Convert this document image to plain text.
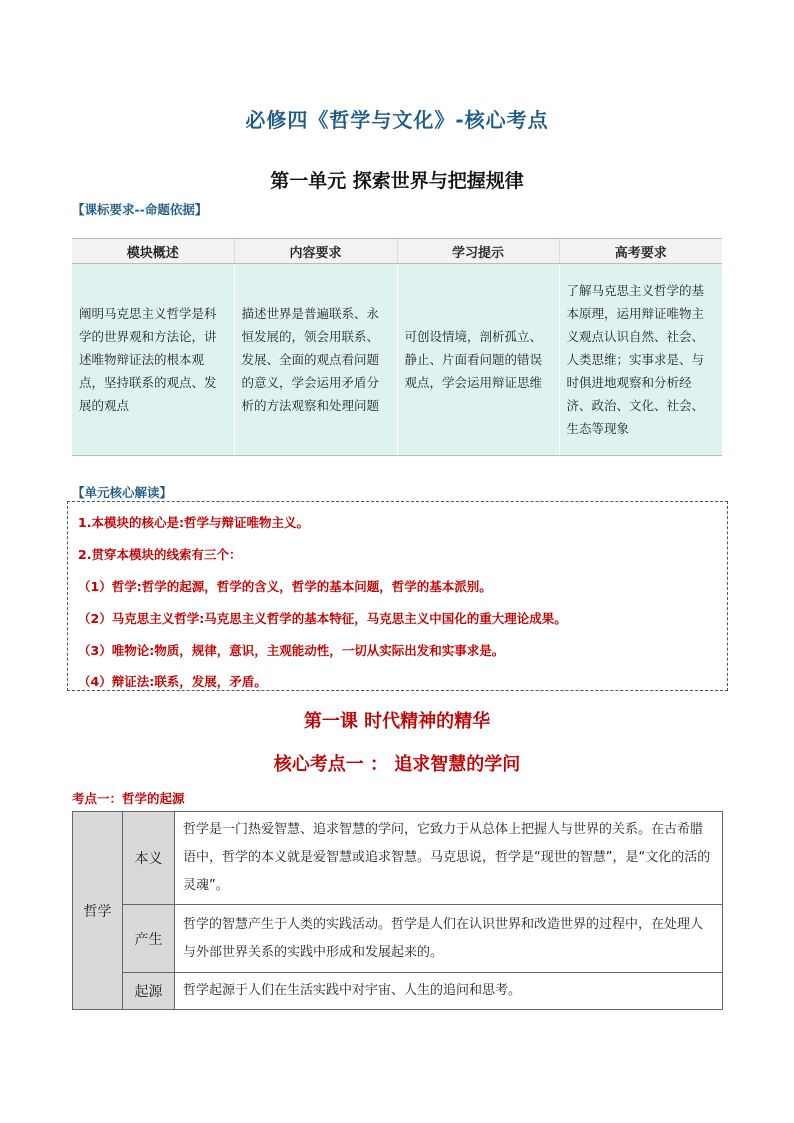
必修四《哲学与文化》-核心考点
第一单元 探索世界与把握规律
【课标要求--命题依据】
模块概述	内容要求	学习提示	高考要求
阐明马克思主义哲学是科学的世界观和方法论，讲述唯物辩证法的根本观点，坚持联系的观点、发展的观点	描述世界是普遍联系、永恒发展的，领会用联系、发展、全面的观点看问题的意义，学会运用矛盾分析的方法观察和处理问题	可创设情境，剖析孤立、静止、片面看问题的错误观点，学会运用辩证思维	了解马克思主义哲学的基本原理，运用辩证唯物主义观点认识自然、社会、人类思维；实事求是、与时俱进地观察和分析经济、政治、文化、社会、生态等现象
【单元核心解读】
1.本模块的核心是:哲学与辩证唯物主义。
2.贯穿本模块的线索有三个：
（1）哲学:哲学的起源，哲学的含义，哲学的基本问题，哲学的基本派别。
（2）马克思主义哲学:马克思主义哲学的基本特征，马克思主义中国化的重大理论成果。
（3）唯物论:物质，规律，意识，主观能动性，一切从实际出发和实事求是。
（4）辩证法:联系，发展，矛盾。
第一课 时代精神的精华
核心考点一 ： 追求智慧的学问
考点一：哲学的起源
哲学	本义	哲学是一门热爱智慧、追求智慧的学问，它致力于从总体上把握人与世界的关系。在古希腊语中，哲学的本义就是爱智慧或追求智慧。马克思说，哲学是“现世的智慧”，是“文化的活的灵魂”。
	产生	哲学的智慧产生于人类的实践活动。哲学是人们在认识世界和改造世界的过程中，在处理人与外部世界关系的实践中形成和发展起来的。
	起源	哲学起源于人们在生活实践中对宇宙、人生的追问和思考。
